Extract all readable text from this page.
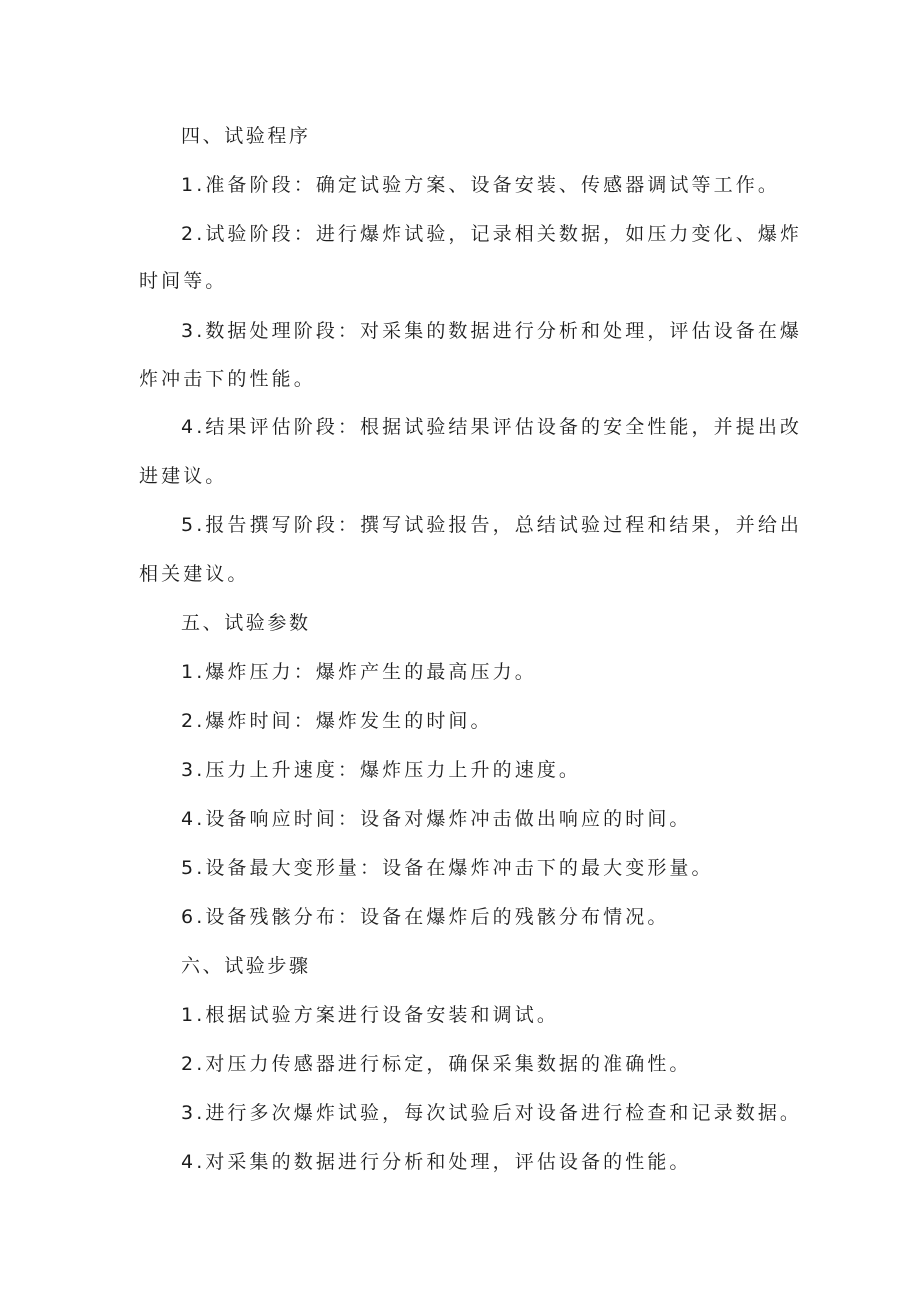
四、试验程序

1.准备阶段：确定试验方案、设备安装、传感器调试等工作。

2.试验阶段：进行爆炸试验，记录相关数据，如压力变化、爆炸

时间等。

3.数据处理阶段：对采集的数据进行分析和处理，评估设备在爆

炸冲击下的性能。

4.结果评估阶段：根据试验结果评估设备的安全性能，并提出改

进建议。

5.报告撰写阶段：撰写试验报告，总结试验过程和结果，并给出

相关建议。

五、试验参数

1.爆炸压力：爆炸产生的最高压力。

2.爆炸时间：爆炸发生的时间。

3.压力上升速度：爆炸压力上升的速度。

4.设备响应时间：设备对爆炸冲击做出响应的时间。

5.设备最大变形量：设备在爆炸冲击下的最大变形量。

6.设备残骸分布：设备在爆炸后的残骸分布情况。

六、试验步骤

1.根据试验方案进行设备安装和调试。

2.对压力传感器进行标定，确保采集数据的准确性。

3.进行多次爆炸试验，每次试验后对设备进行检查和记录数据。

4.对采集的数据进行分析和处理，评估设备的性能。
